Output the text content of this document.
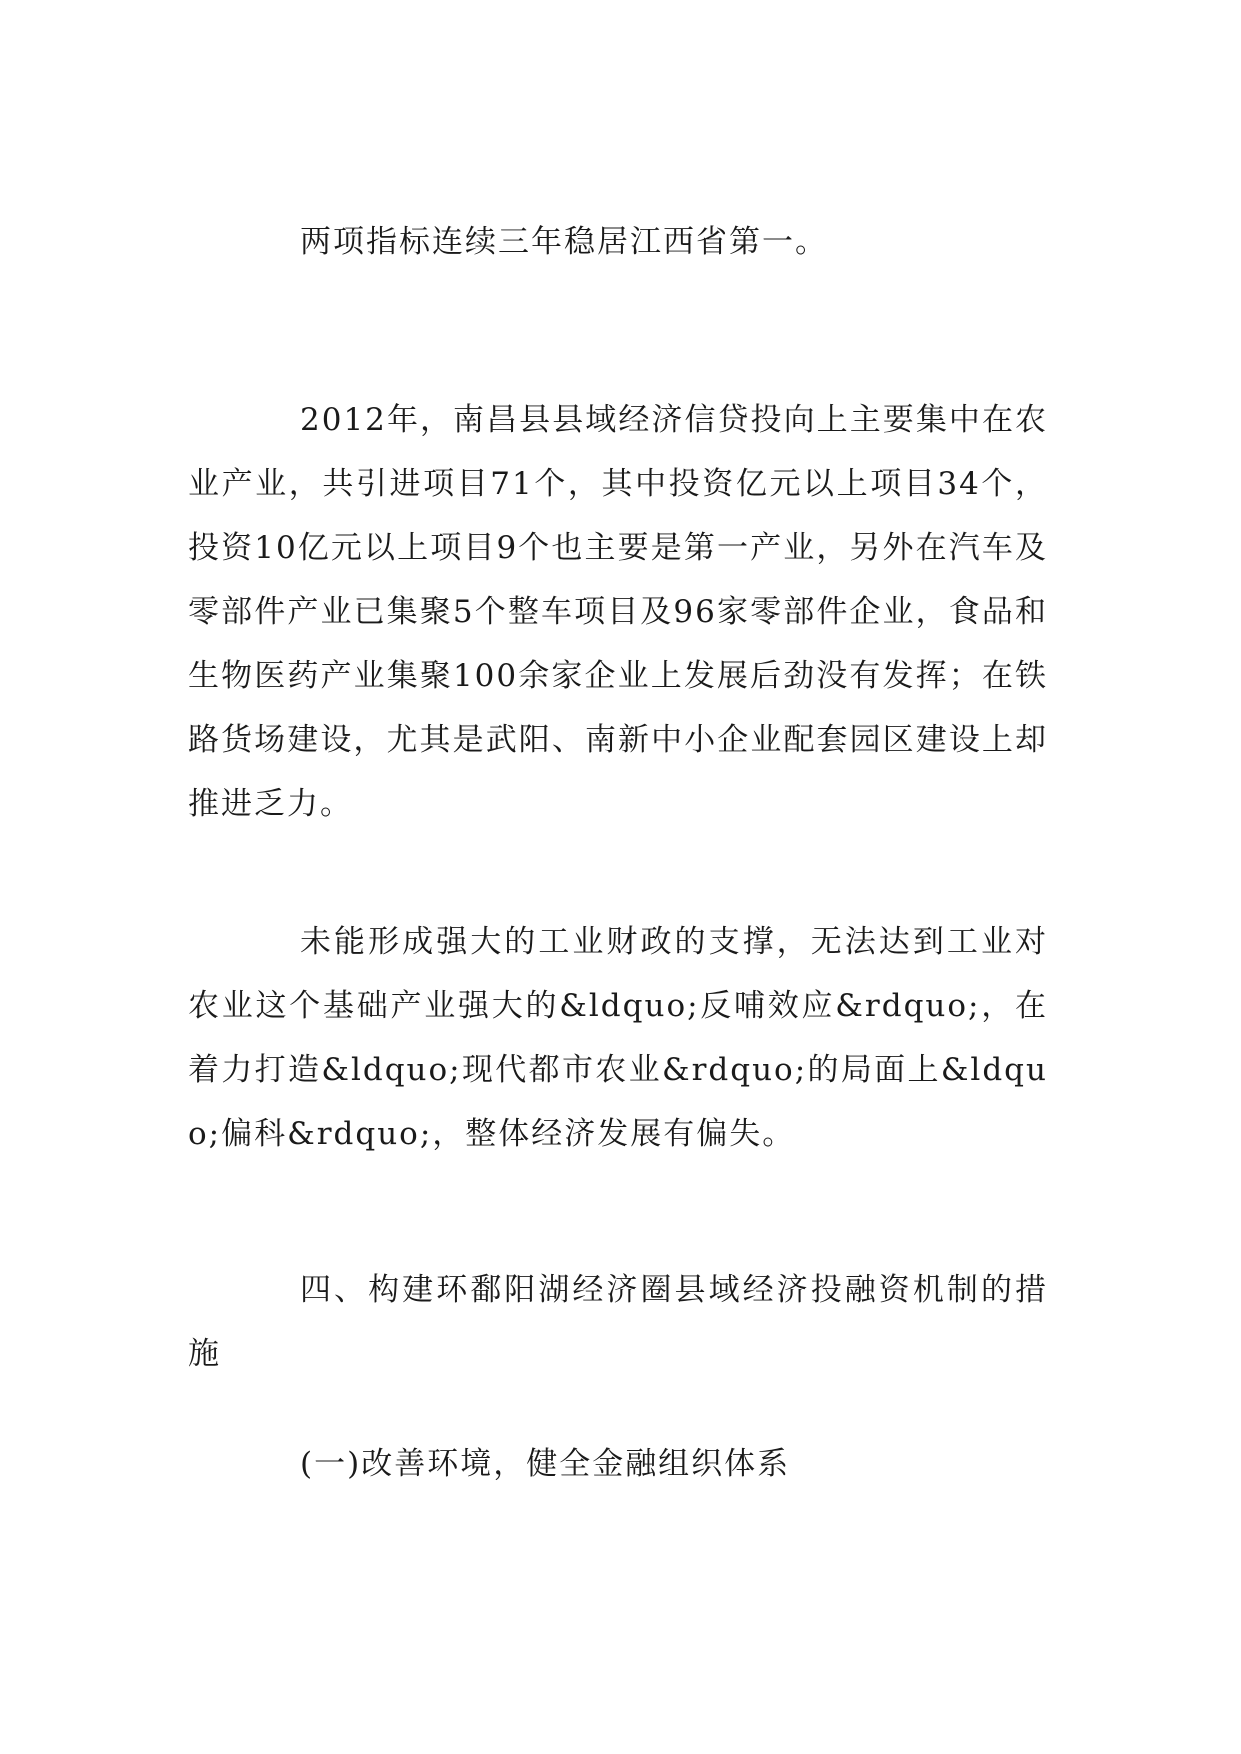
两项指标连续三年稳居江西省第一。

2012年，南昌县县域经济信贷投向上主要集中在农业产业，共引进项目71个，其中投资亿元以上项目34个，投资10亿元以上项目9个也主要是第一产业，另外在汽车及零部件产业已集聚5个整车项目及96家零部件企业，食品和生物医药产业集聚100余家企业上发展后劲没有发挥；在铁路货场建设，尤其是武阳、南新中小企业配套园区建设上却推进乏力。

未能形成强大的工业财政的支撑，无法达到工业对农业这个基础产业强大的&ldquo;反哺效应&rdquo;，在着力打造&ldquo;现代都市农业&rdquo;的局面上&ldquo;偏科&rdquo;，整体经济发展有偏失。

四、构建环鄱阳湖经济圈县域经济投融资机制的措施

(一)改善环境，健全金融组织体系
